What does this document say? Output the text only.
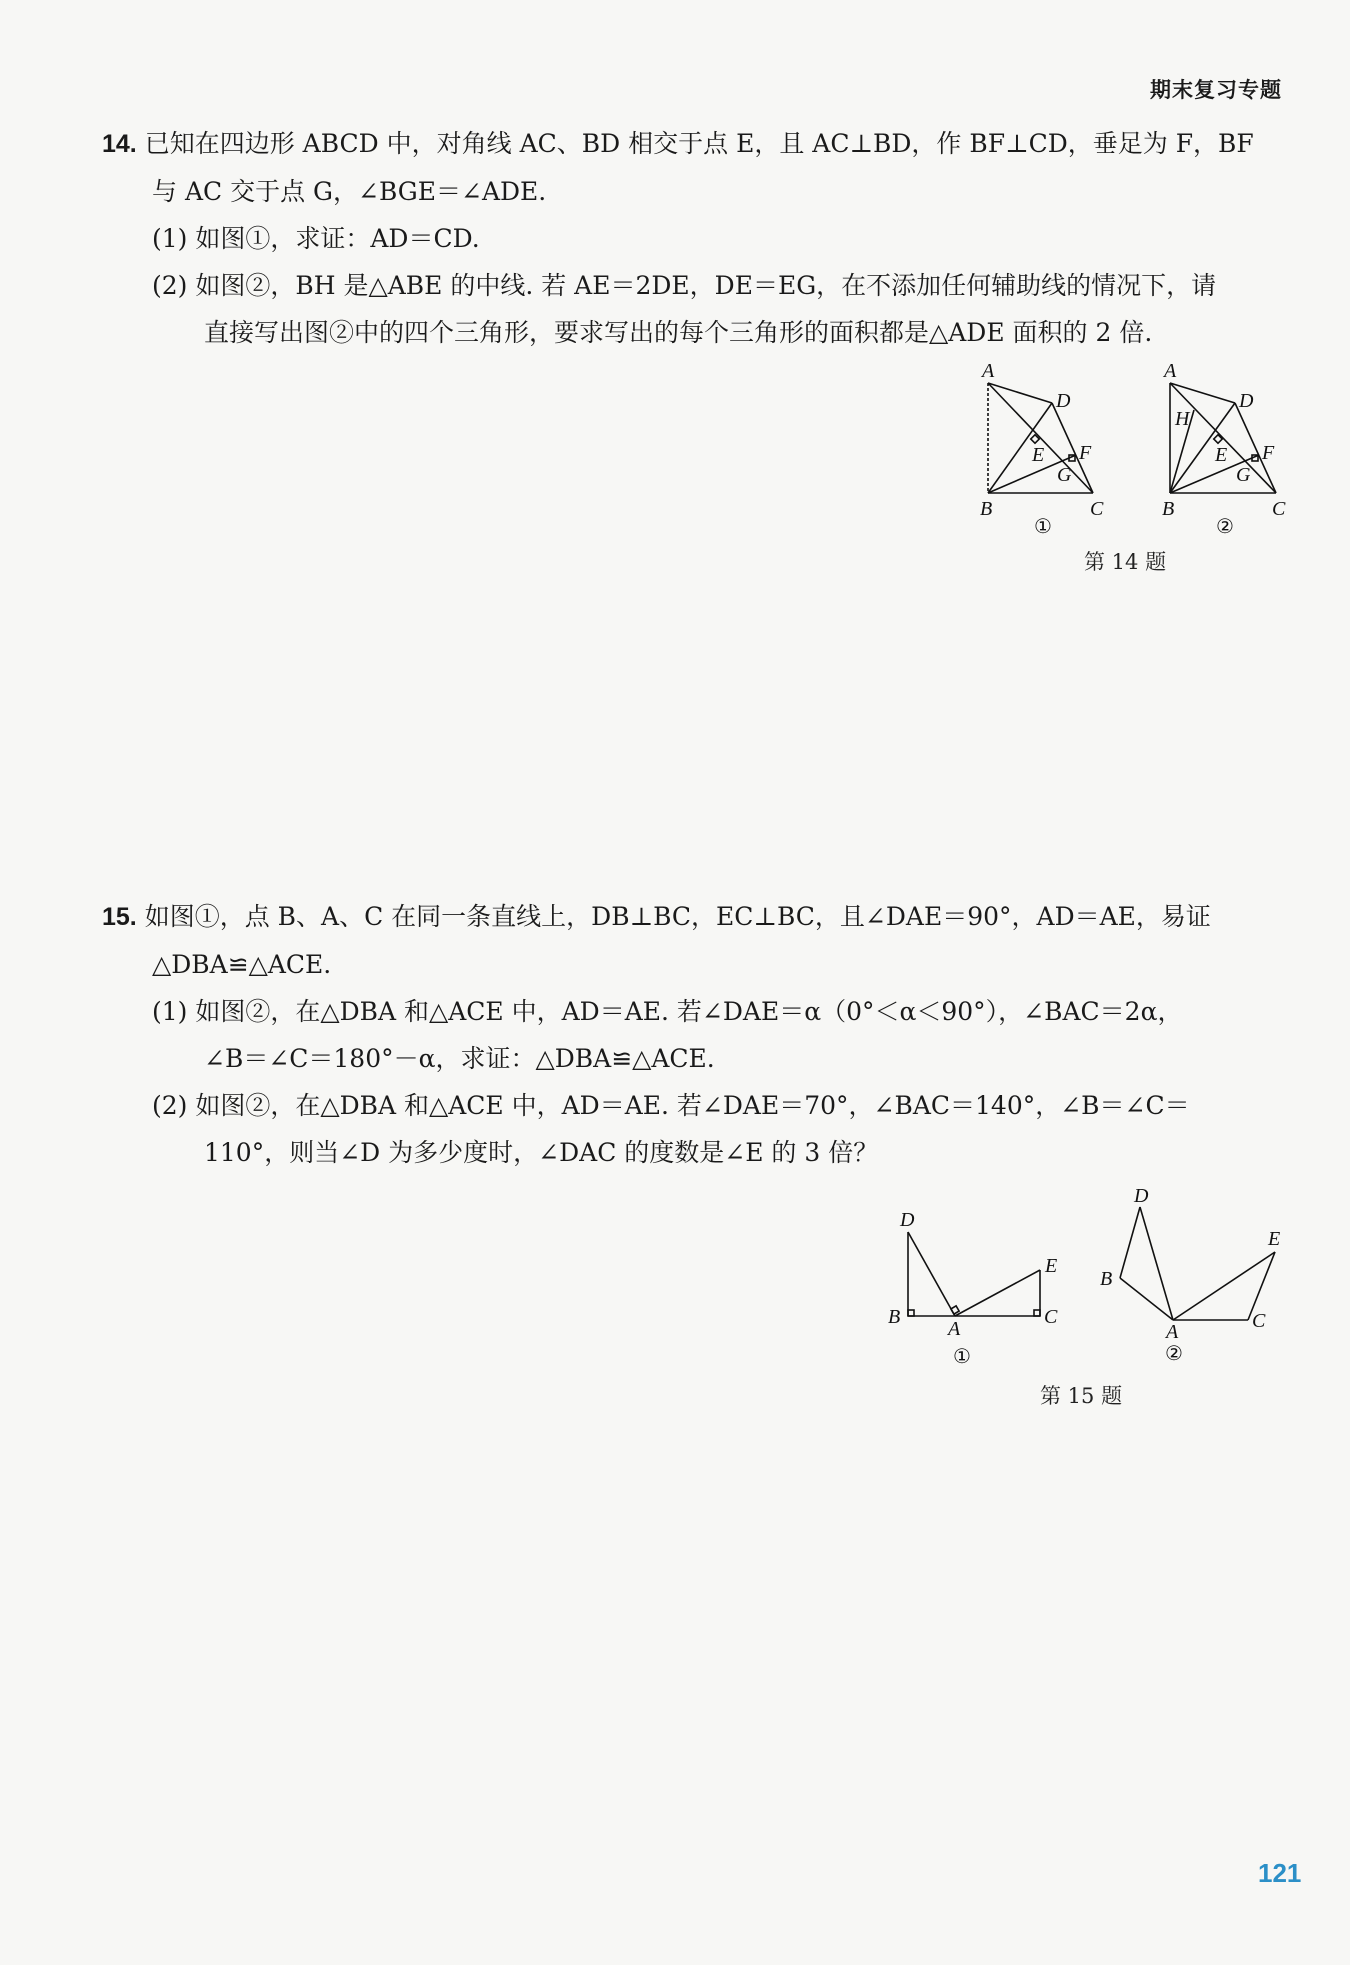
期末复习专题
14. 已知在四边形 ABCD 中，对角线 AC、BD 相交于点 E，且 AC⊥BD，作 BF⊥CD，垂足为 F，BF
与 AC 交于点 G，∠BGE＝∠ADE.
(1) 如图①，求证：AD＝CD.
(2) 如图②，BH 是△ABE 的中线. 若 AE＝2DE，DE＝EG，在不添加任何辅助线的情况下，请
直接写出图②中的四个三角形，要求写出的每个三角形的面积都是△ADE 面积的 2 倍.
A
D
E F
G
B	C
①
A
H
D
E F
G
B	C
②
第 14 题
15. 如图①，点 B、A、C 在同一条直线上，DB⊥BC，EC⊥BC，且∠DAE＝90°，AD＝AE，易证
△DBA≌△ACE.
(1) 如图②，在△DBA 和△ACE 中，AD＝AE. 若∠DAE＝α（0°＜α＜90°），∠BAC＝2α，
∠B＝∠C＝180°－α，求证：△DBA≌△ACE.
(2) 如图②，在△DBA 和△ACE 中，AD＝AE. 若∠DAE＝70°，∠BAC＝140°，∠B＝∠C＝
110°，则当∠D 为多少度时，∠DAC 的度数是∠E 的 3 倍？
D
E
B	C
A
①
D
B
E
C
A
②
第 15 题
121
